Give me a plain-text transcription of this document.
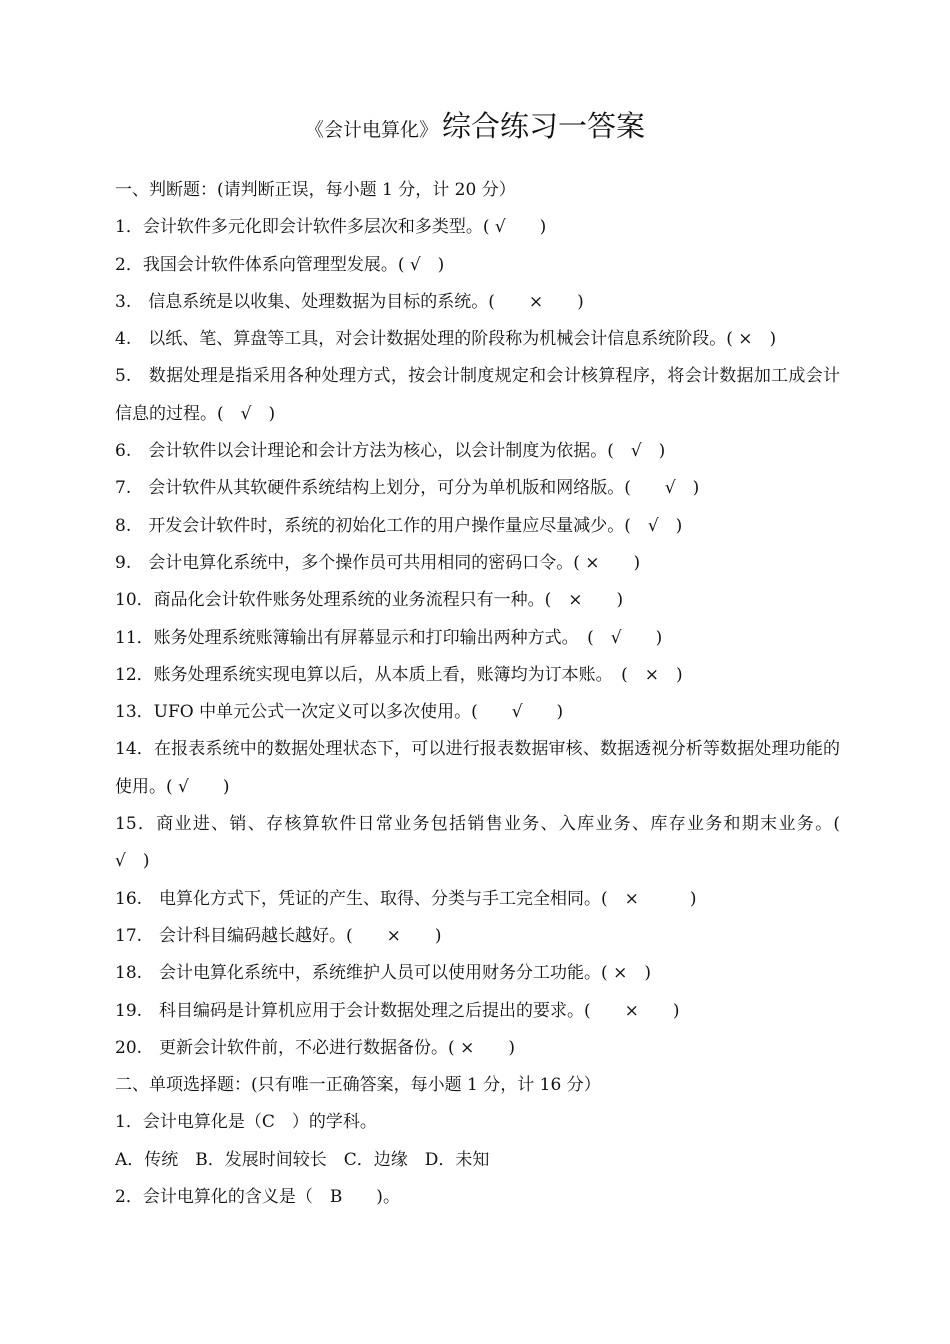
《会计电算化》 综合练习一答案
一、判断题：(请判断正误，每小题 1 分，计 20 分）
1．会计软件多元化即会计软件多层次和多类型。( √　　)
2．我国会计软件体系向管理型发展。( √　)
3.　信息系统是以收集、处理数据为目标的系统。(　　×　　)
4.　以纸、笔、算盘等工具，对会计数据处理的阶段称为机械会计信息系统阶段。( ×　)
5.　数据处理是指采用各种处理方式，按会计制度规定和会计核算程序，将会计数据加工成会计信息的过程。(　√　)
6.　会计软件以会计理论和会计方法为核心，以会计制度为依据。(　√　)
7.　会计软件从其软硬件系统结构上划分，可分为单机版和网络版。(　　√　)
8.　开发会计软件时，系统的初始化工作的用户操作量应尽量减少。(　√　)
9.　会计电算化系统中，多个操作员可共用相同的密码口令。( ×　　)
10．商品化会计软件账务处理系统的业务流程只有一种。(　×　　)
11．账务处理系统账簿输出有屏幕显示和打印输出两种方式。　(　√　　)
12．账务处理系统实现电算以后，从本质上看，账簿均为订本账。　(　×　)
13．UFO 中单元公式一次定义可以多次使用。(　　√　　)
14．在报表系统中的数据处理状态下，可以进行报表数据审核、数据透视分析等数据处理功能的使用。( √　　)
15．商业进、销、存核算软件日常业务包括销售业务、入库业务、库存业务和期末业务。(　√　)
16.　电算化方式下，凭证的产生、取得、分类与手工完全相同。(　×　　　)
17.　会计科目编码越长越好。(　　×　　)
18.　会计电算化系统中，系统维护人员可以使用财务分工功能。( ×　)
19.　科目编码是计算机应用于会计数据处理之后提出的要求。(　　×　　)
20.　更新会计软件前，不必进行数据备份。( ×　　)
二、单项选择题：(只有唯一正确答案，每小题 1 分，计 16 分）
1．会计电算化是（C　）的学科。
A．传统　B．发展时间较长　C．边缘　D．未知
2．会计电算化的含义是（　B　　)。
